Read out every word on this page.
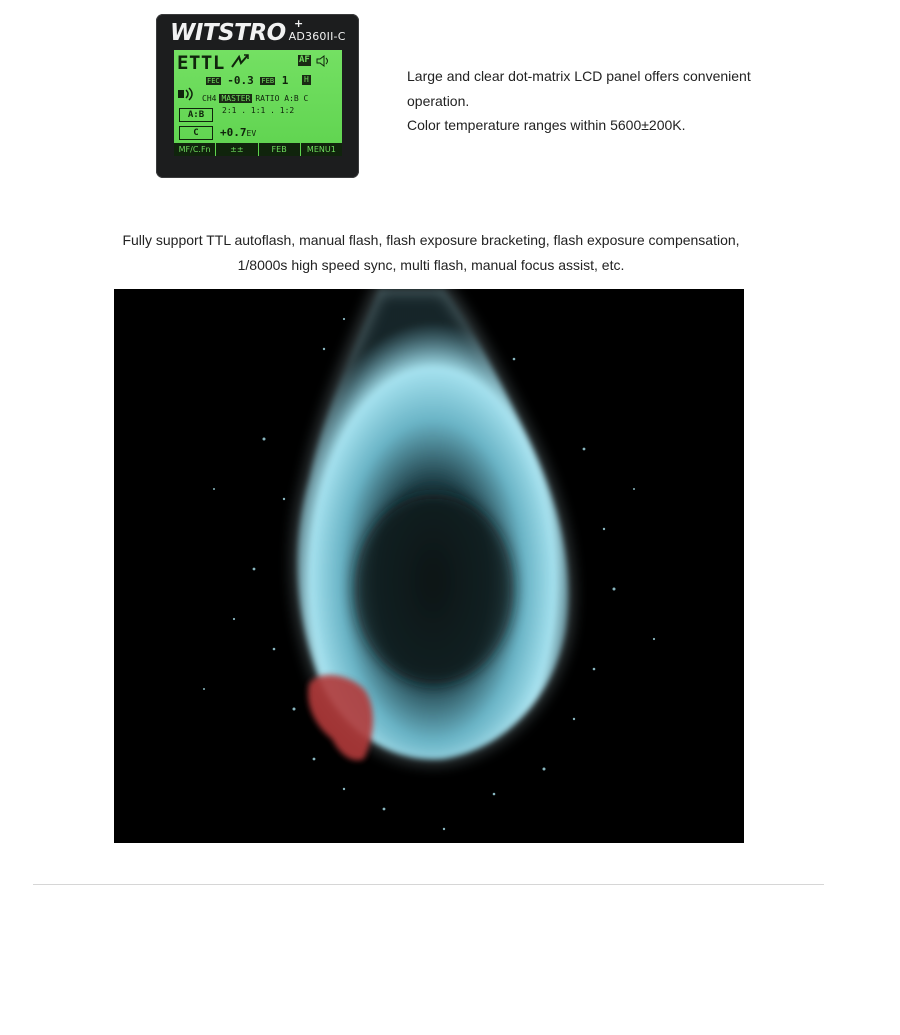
WITSTRO +
AD360II-C
ETTL	AF
FEC -0.3 FEB 1 H
CH4 MASTER RATIO A:B C
A:B	2:1 . 1:1 . 1:2
C	+0.7EV
MF/C.Fn	±±	FEB	MENU1

Large and clear dot-matrix LCD panel offers convenient

operation.

Color temperature ranges within 5600±200K.

Fully support TTL autoflash, manual flash, flash exposure bracketing, flash exposure compensation,

1/8000s high speed sync, multi flash, manual focus assist, etc.
